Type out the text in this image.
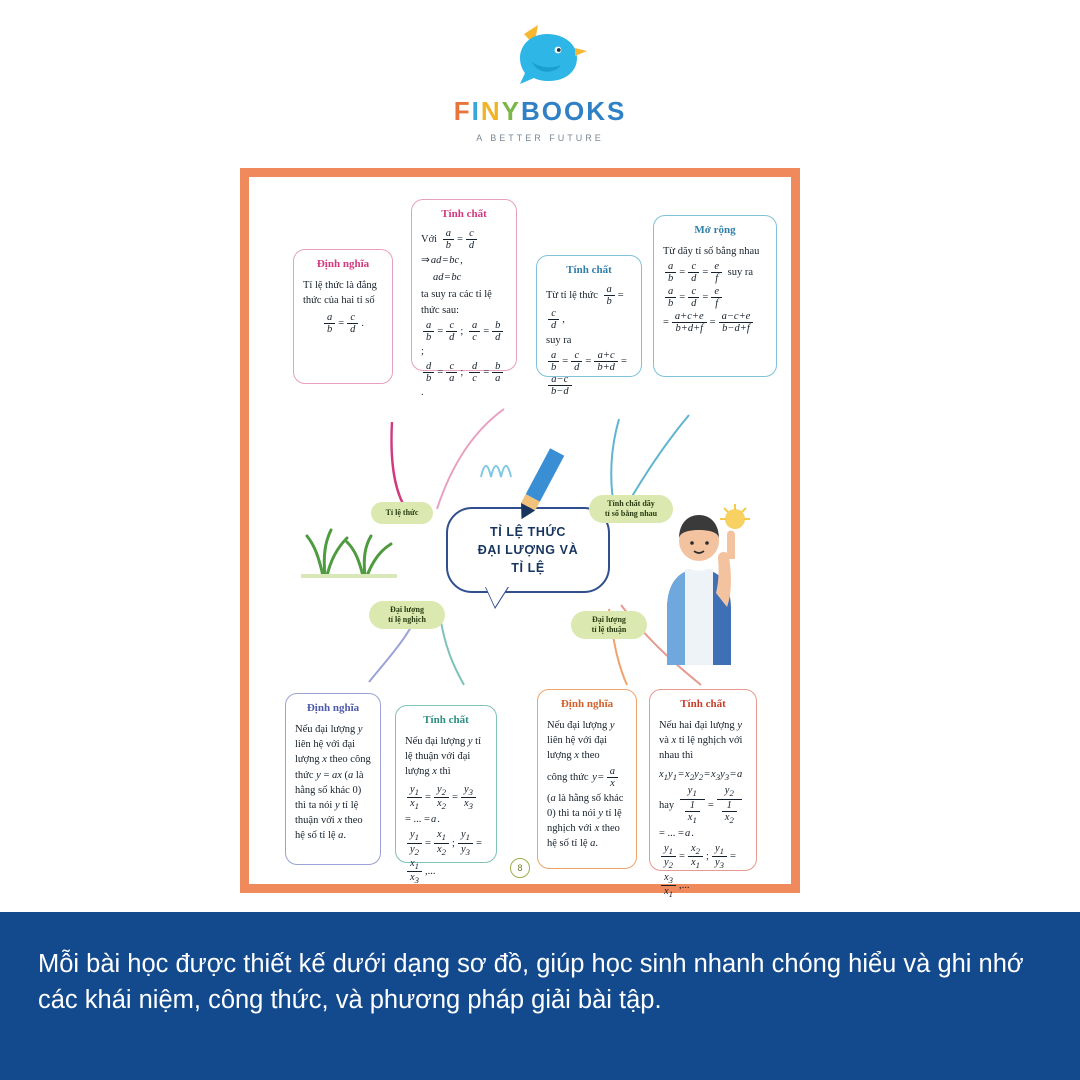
FINYBOOKS
A BETTER FUTURE
Định nghĩa
Tỉ lệ thức là đẳng thức của hai tỉ số
$\frac{a}{b} = \frac{c}{d}$ .
Tính chất
Với $\frac{a}{b} = \frac{c}{d}$
⇒ ad = bc ,
ad = bc
ta suy ra các tỉ lệ
thức sau:
$\frac{a}{b} = \frac{c}{d}$ ; $\frac{a}{c} = \frac{b}{d}$
;
$\frac{d}{b} = \frac{c}{a}$ ; $\frac{d}{c} = \frac{b}{a}$
.
Tính chất
Từ tỉ lệ thức $\frac{a}{b}$ =
$\frac{c}{d}$ ,
suy ra
$\frac{a}{b} = \frac{c}{d} = \frac{a+c}{b+d}$ =
$\frac{a-c}{b-d}$
Mở rộng
Từ dãy tỉ số bằng nhau
$\frac{a}{b} = \frac{c}{d} = \frac{e}{f}$ suy ra
$\frac{a}{b} = \frac{c}{d} = \frac{e}{f}$
= $\frac{a+c+e}{b+d+f} = \frac{a-c+e}{b-d+f}$
TỈ LỆ THỨC
ĐẠI LƯỢNG VÀ
TỈ LỆ
Tỉ lệ thức
Tính chất dãy
tỉ số bằng nhau
Đại lượng
tỉ lệ nghịch	Đại lượng
tỉ lệ thuận
Định nghĩa
Nếu đại lượng y liên hệ với đại lượng x theo công thức y = ax (a là hằng số khác 0) thì ta nói y tỉ lệ thuận với x theo hệ số tỉ lệ a.
Tính chất
Nếu đại lượng y tỉ lệ thuận với đại lượng x thì
$\frac{y_1}{x_1} = \frac{y_2}{x_2} = \frac{y_3}{x_3}$
= ... = a .
$\frac{y_1}{y_2} = \frac{x_1}{x_2}$ ; $\frac{y_1}{y_3}$ =
$\frac{x_1}{x_3}$ ,...
Định nghĩa
Nếu đại lượng y liên hệ với đại lượng x theo
công thức $y = \frac{a}{x}$
(a là hằng số khác 0) thì ta nói y tỉ lệ nghịch với x theo hệ số tỉ lệ a.
Tính chất
Nếu hai đại lượng y và x tỉ lệ nghịch với nhau thì
$x_1y_1 = x_2y_2 = x_3y_3 = a$
hay $\frac{y_1}{\frac{1}{x_1}} = \frac{y_2}{\frac{1}{x_2}}$
= ... = a .
$\frac{y_1}{y_2} = \frac{x_2}{x_1}$ ; $\frac{y_1}{y_3}$ =
$\frac{x_3}{x_1}$ ,...
8
Mỗi bài học được thiết kế dưới dạng sơ đồ, giúp học sinh nhanh chóng hiểu và ghi nhớ các khái niệm, công thức, và phương pháp giải bài tập.
